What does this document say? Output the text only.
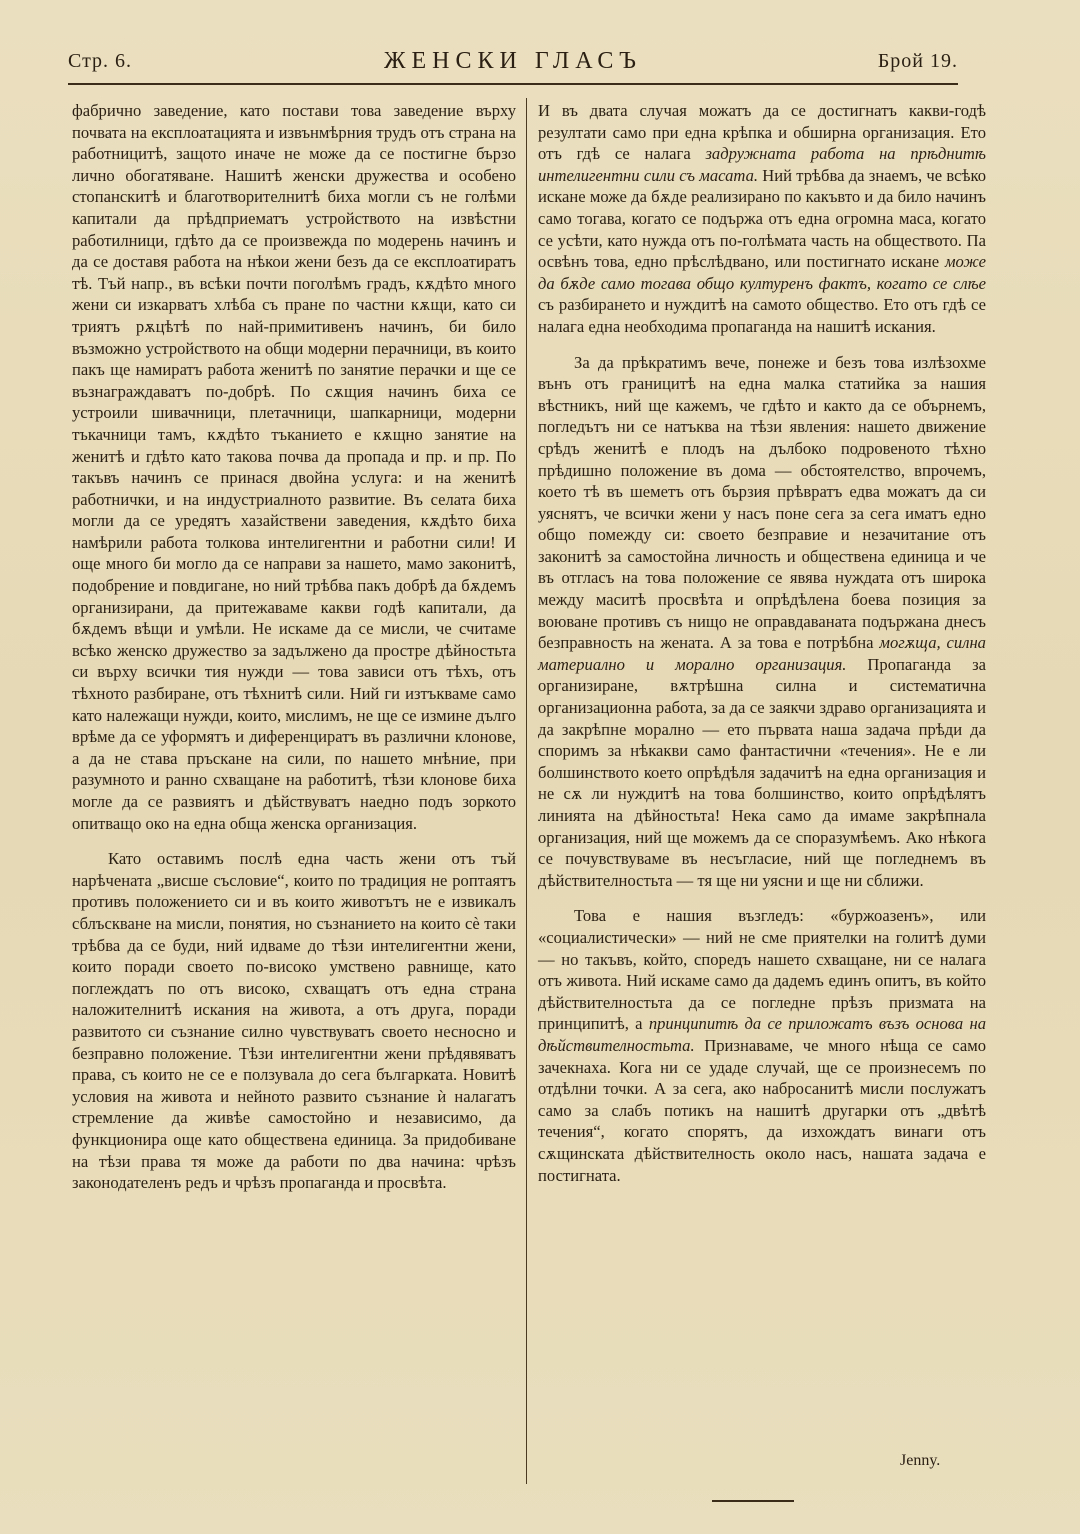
Стр. 6.	ЖЕНСКИ ГЛАСЪ	Брой 19.

фабрично заведение, като постави това заведение върху почвата на експлоатацията и извънмѣрния трудъ отъ страна на работницитѣ, защото иначе не може да се постигне бързо лично обогатяване. Нашитѣ женски дружества и особено стопанскитѣ и благотворителнитѣ биха могли съ не голѣми капитали да прѣдприематъ устройството на извѣстни работилници, гдѣто да се произвежда по модерень начинъ и да се доставя работа на нѣкои жени безъ да се експлоатиратъ тѣ. Тъй напр., въ всѣки почти поголѣмъ градъ, кѫдѣто много жени си изкарватъ хлѣба съ пране по частни кѫщи, като си триятъ рѫцѣтѣ по най-примитивенъ начинъ, би било възможно устройството на общи модерни перачници, въ които пакъ ще намиратъ работа женитѣ по занятие перачки и ще се възнаграждаватъ по-добрѣ. По сѫщия начинъ биха се устроили шивачници, плетачници, шапкарници, модерни тъкачници тамъ, кѫдѣто тъканието е кѫщно занятие на женитѣ и гдѣто като такова почва да пропада и пр. и пр. По такъвъ начинъ се принася двойна услуга: и на женитѣ работнички, и на индустриалното развитие. Въ селата биха могли да се уредятъ хазайствени заведения, кѫдѣто биха намѣрили работа толкова интелигентни и работни сили! И още много би могло да се направи за нашето, мамо законитѣ, подобрение и повдигане, но ний трѣбва пакъ добрѣ да бѫдемъ организирани, да притежаваме какви годѣ капитали, да бѫдемъ вѣщи и умѣли. Не искаме да се мисли, че считаме всѣко женско дружество за задължено да простре дѣйностьта си върху всички тия нужди — това зависи отъ тѣхъ, отъ тѣхното разбиране, отъ тѣхнитѣ сили. Ний ги изтъкваме само като належащи нужди, които, мислимъ, не ще се измине дълго врѣме да се уформятъ и диференциратъ въ различни клонове, а да не става пръскане на сили, по нашето мнѣние, при разумното и ранно схващане на работитѣ, тѣзи клонове биха могле да се развиятъ и дѣйствуватъ наедно подъ зоркото опитващо око на една обща женска организация.

Като оставимъ послѣ една часть жени отъ тъй нарѣчената „висше съсловие“, които по традиция не роптаятъ противъ положението си и въ които животътъ не е извикалъ сблъскване на мисли, понятия, но съзнанието на които сѐ таки трѣбва да се буди, ний идваме до тѣзи интелигентни жени, които поради своето по-високо умствено равнище, като поглеждатъ по отъ високо, схващатъ отъ една страна наложителнитѣ искания на живота, а отъ друга, поради развитото си съзнание силно чувствуватъ своето несносно и безправно положение. Тѣзи интелигентни жени прѣдявяватъ права, съ които не се е ползувала до сега българката. Новитѣ условия на живота и нейното развито съзнание ѝ налагатъ стремление да живѣе самостойно и независимо, да функционира още като обществена единица. За придобиване на тѣзи права тя може да работи по два начина: чрѣзъ законодателенъ редъ и чрѣзъ пропаганда и просвѣта.

И въ двата случая можатъ да се достигнатъ какви-годѣ резултати само при една крѣпка и обширна организация. Ето отъ гдѣ се налага задружната работа на прѣднитѣ интелигентни сили съ масата. Ний трѣбва да знаемъ, че всѣко искане може да бѫде реализирано по какъвто и да било начинъ само тогава, когато се подържа отъ една огромна маса, когато се усѣти, като нужда отъ по-голѣмата часть на обществото. Па освѣнъ това, едно прѣслѣдвано, или постигнато искане може да бѫде само тогава общо културенъ фактъ, когато се слѣе съ разбирането и нуждитѣ на самото общество. Ето отъ гдѣ се налага една необходима пропаганда на нашитѣ искания.

За да прѣкратимъ вече, понеже и безъ това излѣзохме вънъ отъ границитѣ на една малка статийка за нашия вѣстникъ, ний ще кажемъ, че гдѣто и както да се обърнемъ, погледътъ ни се натъква на тѣзи явления: нашето движение срѣдъ женитѣ е плодъ на дълбоко подровеното тѣхно прѣдишно положение въ дома — обстоятелство, впрочемъ, което тѣ въ шеметъ отъ бързия прѣвратъ едва можатъ да си уяснятъ, че всички жени у насъ поне сега за сега иматъ едно общо помежду си: своето безправие и незачитание отъ законитѣ за самостойна личность и обществена единица и че въ отгласъ на това положение се явява нуждата отъ широка между маситѣ просвѣта и опрѣдѣлена боева позиция за воюване противъ съ нищо не оправдаваната подържана днесъ безправность на жената. А за това е потрѣбна могѫща, силна материално и морално организация. Пропаганда за организиране, вѫтрѣшна силна и систематична организационна работа, за да се заякчи здраво организацията и да закрѣпне морално — ето първата наша задача прѣди да споримъ за нѣкакви само фантастични «течения». Не е ли болшинството което опрѣдѣля задачитѣ на една организация и не сѫ ли нуждитѣ на това болшинство, които опрѣдѣлятъ линията на дѣйностьта! Нека само да имаме закрѣпнала организация, ний ще можемъ да се споразумѣемъ. Ако нѣкога се почувствуваме въ несъгласие, ний ще погледнемъ въ дѣйствителностьта — тя ще ни уясни и ще ни сближи.

Това е нашия възгледъ: «буржоазенъ», или «социалистически» — ний не сме приятелки на голитѣ думи — но такъвъ, който, споредъ нашето схващане, ни се налага отъ живота. Ний искаме само да дадемъ единъ опитъ, въ който дѣйствителностьта да се погледне прѣзъ призмата на принципитѣ, а принципитѣ да се приложатъ възъ основа на дѣйствителностьта. Признаваме, че много нѣща се само зачекнаха. Кога ни се удаде случай, ще се произнесемъ по отдѣлни точки. А за сега, ако набросанитѣ мисли послужатъ само за слабъ потикъ на нашитѣ другарки отъ „двѣтѣ течения“, когато спорятъ, да изхождатъ винаги отъ сѫщинската дѣйствителность около насъ, нашата задача е постигната.

Jenny.
